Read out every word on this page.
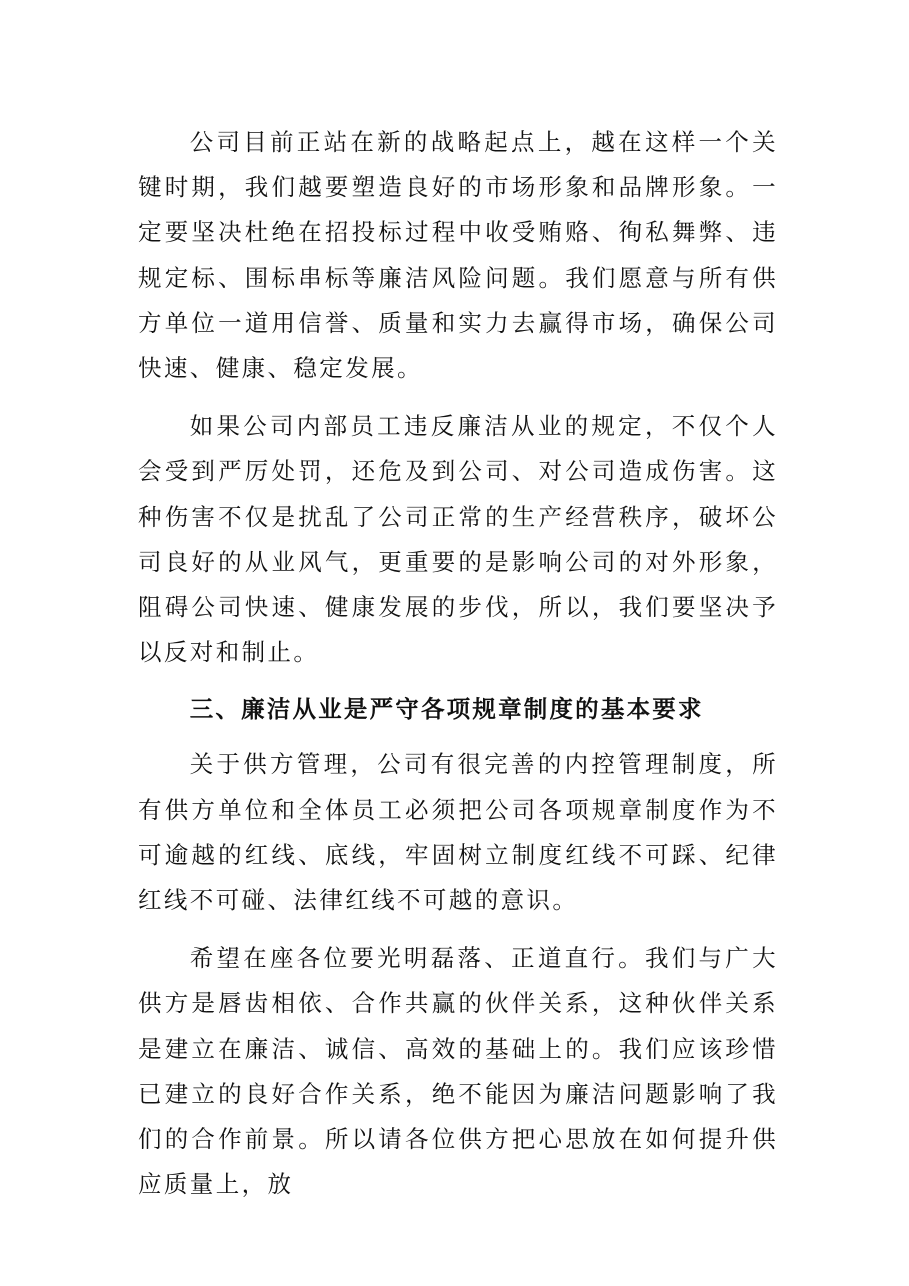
公司目前正站在新的战略起点上，越在这样一个关键时期，我们越要塑造良好的市场形象和品牌形象。一定要坚决杜绝在招投标过程中收受贿赂、徇私舞弊、违规定标、围标串标等廉洁风险问题。我们愿意与所有供方单位一道用信誉、质量和实力去赢得市场，确保公司快速、健康、稳定发展。

如果公司内部员工违反廉洁从业的规定，不仅个人会受到严厉处罚，还危及到公司、对公司造成伤害。这种伤害不仅是扰乱了公司正常的生产经营秩序，破坏公司良好的从业风气，更重要的是影响公司的对外形象，阻碍公司快速、健康发展的步伐，所以，我们要坚决予以反对和制止。

三、廉洁从业是严守各项规章制度的基本要求

关于供方管理，公司有很完善的内控管理制度，所有供方单位和全体员工必须把公司各项规章制度作为不可逾越的红线、底线，牢固树立制度红线不可踩、纪律红线不可碰、法律红线不可越的意识。

希望在座各位要光明磊落、正道直行。我们与广大供方是唇齿相依、合作共赢的伙伴关系，这种伙伴关系是建立在廉洁、诚信、高效的基础上的。我们应该珍惜已建立的良好合作关系，绝不能因为廉洁问题影响了我们的合作前景。所以请各位供方把心思放在如何提升供应质量上，放
